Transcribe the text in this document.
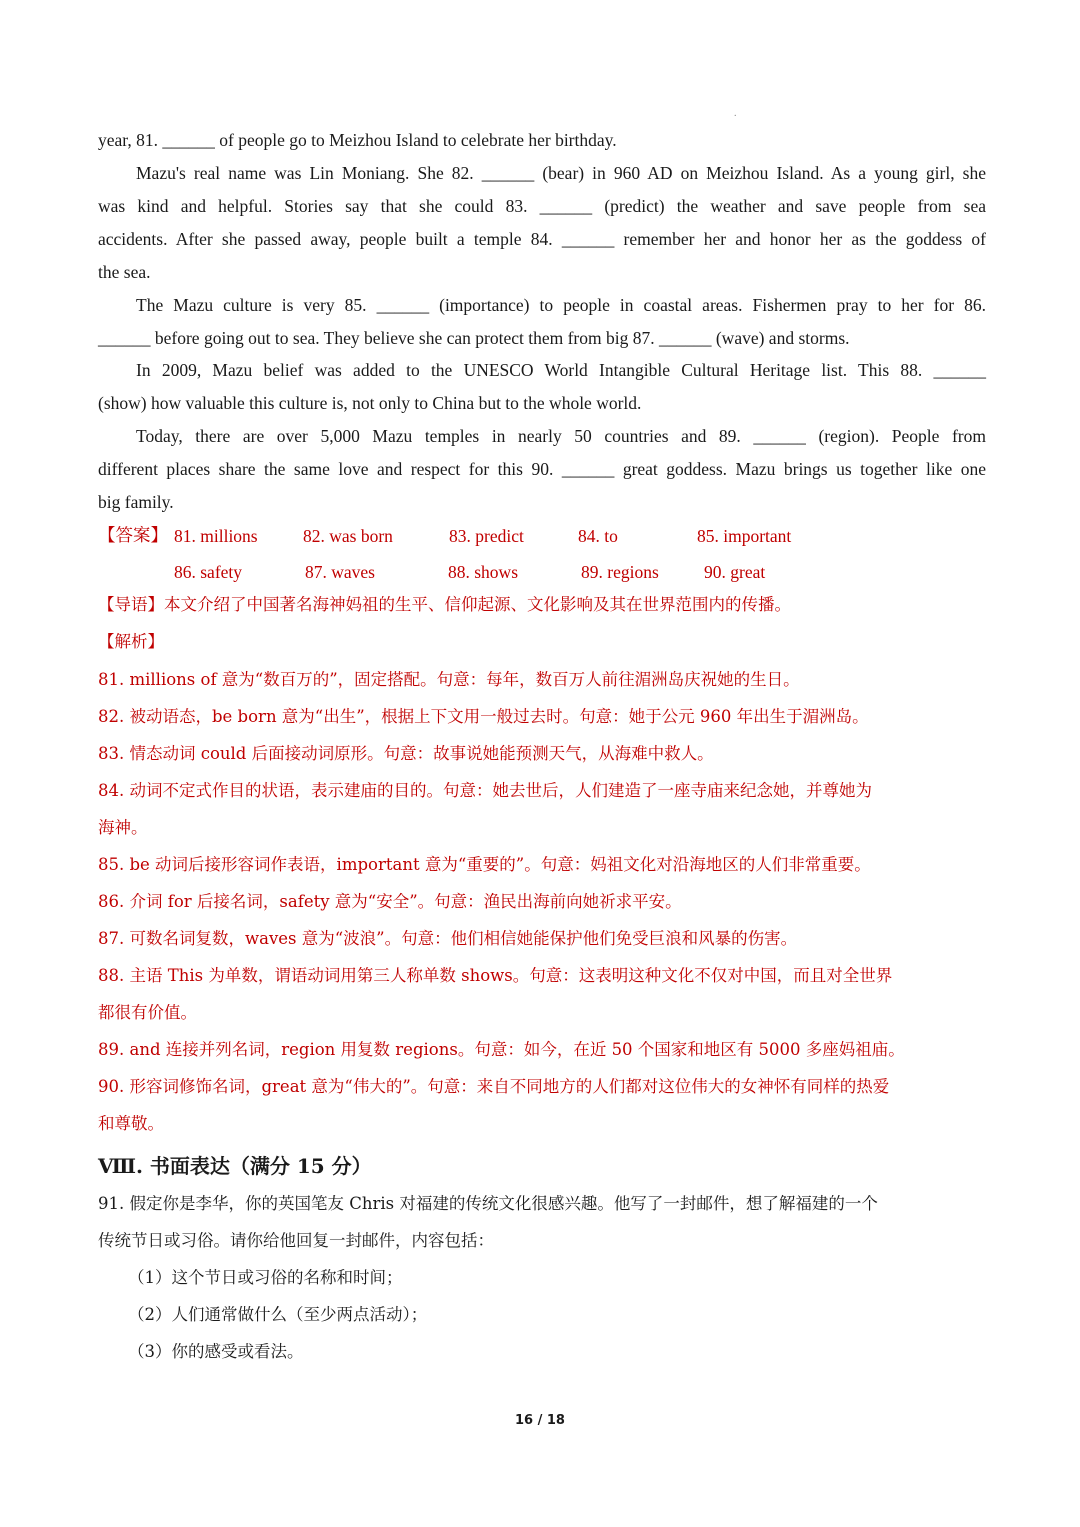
.
year, 81. ______ of people go to Meizhou Island to celebrate her birthday.
Mazu's real name was Lin Moniang. She 82. ______ (bear) in 960 AD on Meizhou Island. As a young girl, she
was kind and helpful. Stories say that she could 83. ______ (predict) the weather and save people from sea
accidents. After she passed away, people built a temple 84. ______ remember her and honor her as the goddess of
the sea.
The Mazu culture is very 85. ______ (importance) to people in coastal areas. Fishermen pray to her for 86.
______ before going out to sea. They believe she can protect them from big 87. ______ (wave) and storms.
In 2009, Mazu belief was added to the UNESCO World Intangible Cultural Heritage list. This 88. ______
(show) how valuable this culture is, not only to China but to the whole world.
Today, there are over 5,000 Mazu temples in nearly 50 countries and 89. ______ (region). People from
different places share the same love and respect for this 90. ______ great goddess. Mazu brings us together like one
big family.
【答案】 81. millions	82. was born	83. predict	84. to	85. important
86. safety	87. waves	88. shows	89. regions	90. great
【导语】本文介绍了中国著名海神妈祖的生平、信仰起源、文化影响及其在世界范围内的传播。
【解析】
81. millions of 意为“数百万的”，固定搭配。句意：每年，数百万人前往湄洲岛庆祝她的生日。
82. 被动语态，be born 意为“出生”，根据上下文用一般过去时。句意：她于公元 960 年出生于湄洲岛。
83. 情态动词 could 后面接动词原形。句意：故事说她能预测天气，从海难中救人。
84. 动词不定式作目的状语，表示建庙的目的。句意：她去世后，人们建造了一座寺庙来纪念她，并尊她为
海神。
85. be 动词后接形容词作表语，important 意为“重要的”。句意：妈祖文化对沿海地区的人们非常重要。
86. 介词 for 后接名词，safety 意为“安全”。句意：渔民出海前向她祈求平安。
87. 可数名词复数，waves 意为“波浪”。句意：他们相信她能保护他们免受巨浪和风暴的伤害。
88. 主语 This 为单数，谓语动词用第三人称单数 shows。句意：这表明这种文化不仅对中国，而且对全世界
都很有价值。
89. and 连接并列名词，region 用复数 regions。句意：如今，在近 50 个国家和地区有 5000 多座妈祖庙。
90. 形容词修饰名词，great 意为“伟大的”。句意：来自不同地方的人们都对这位伟大的女神怀有同样的热爱
和尊敬。
Ⅷ. 书面表达（满分 15 分）
91. 假定你是李华，你的英国笔友 Chris 对福建的传统文化很感兴趣。他写了一封邮件，想了解福建的一个
传统节日或习俗。请你给他回复一封邮件，内容包括：
（1）这个节日或习俗的名称和时间；
（2）人们通常做什么（至少两点活动）；
（3）你的感受或看法。
16 / 18
